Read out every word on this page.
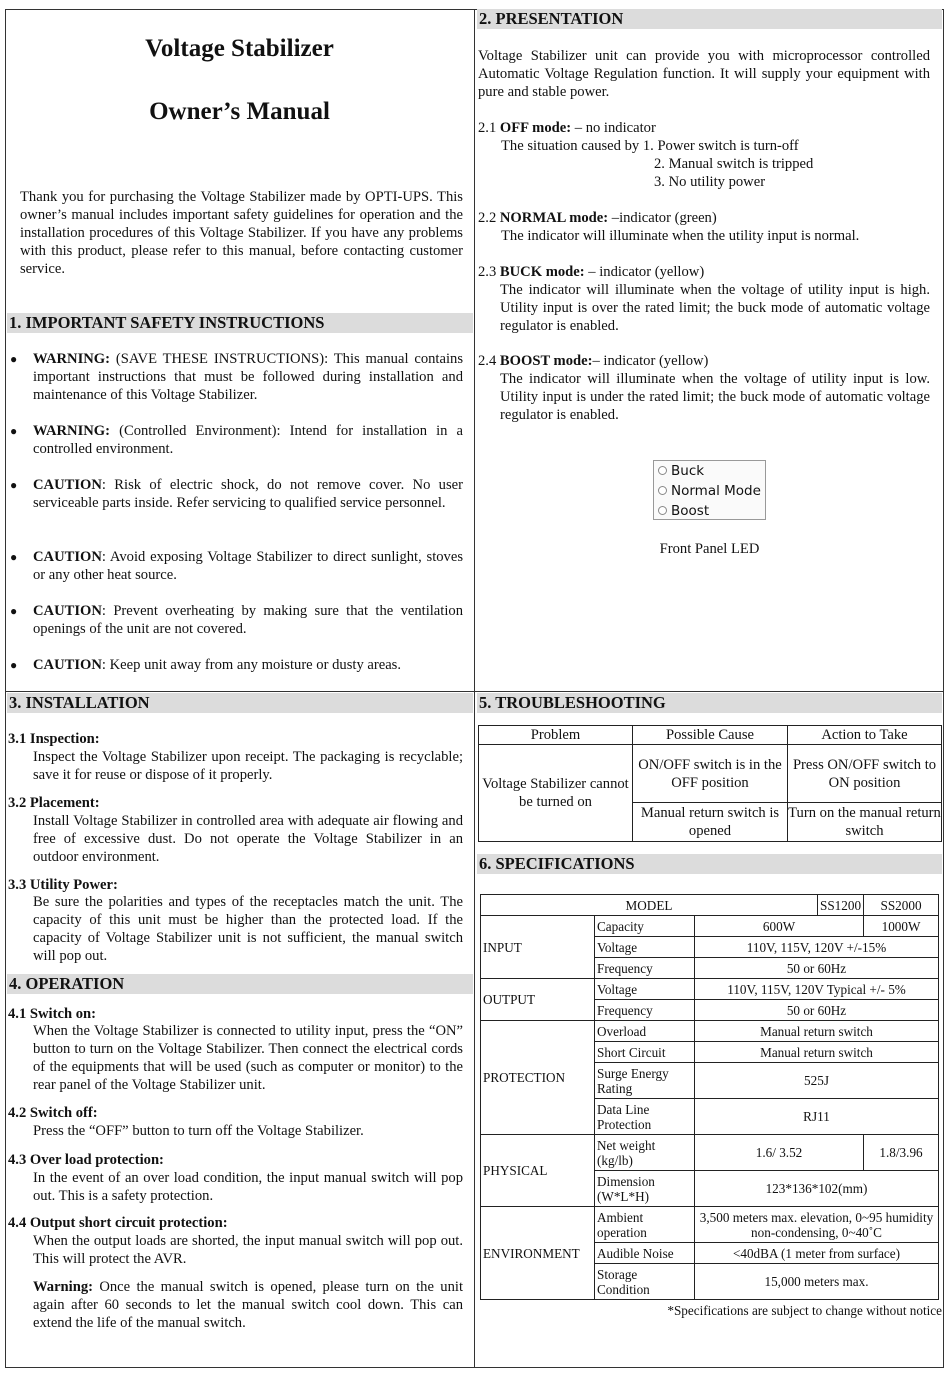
Voltage Stabilizer
Owner’s Manual
Thank you for purchasing the Voltage Stabilizer made by OPTI-UPS. This owner’s manual includes important safety guidelines for operation and the installation procedures of this Voltage Stabilizer. If you have any problems with this product, please refer to this manual, before contacting customer service.
1. IMPORTANT SAFETY INSTRUCTIONS
● WARNING: (SAVE THESE INSTRUCTIONS): This manual contains important instructions that must be followed during installation and maintenance of this Voltage Stabilizer.
● WARNING: (Controlled Environment): Intend for installation in a controlled environment.
● CAUTION: Risk of electric shock, do not remove cover. No user serviceable parts inside. Refer servicing to qualified service personnel.
● CAUTION: Avoid exposing Voltage Stabilizer to direct sunlight, stoves or any other heat source.
● CAUTION: Prevent overheating by making sure that the ventilation openings of the unit are not covered.
● CAUTION: Keep unit away from any moisture or dusty areas.
2. PRESENTATION
Voltage Stabilizer unit can provide you with microprocessor controlled Automatic Voltage Regulation function. It will supply your equipment with pure and stable power.
2.1 OFF mode: – no indicator
The situation caused by 1. Power switch is turn-off
2. Manual switch is tripped
3. No utility power
2.2 NORMAL mode: –indicator (green)
The indicator will illuminate when the utility input is normal.
2.3 BUCK mode: – indicator (yellow)
The indicator will illuminate when the voltage of utility input is high. Utility input is over the rated limit; the buck mode of automatic voltage regulator is enabled.
2.4 BOOST mode:– indicator (yellow)
The indicator will illuminate when the voltage of utility input is low. Utility input is under the rated limit; the buck mode of automatic voltage regulator is enabled.
Buck
Normal Mode
Boost
Front Panel LED
3. INSTALLATION
3.1 Inspection:
Inspect the Voltage Stabilizer upon receipt. The packaging is recyclable; save it for reuse or dispose of it properly.
3.2 Placement:
Install Voltage Stabilizer in controlled area with adequate air flowing and free of excessive dust. Do not operate the Voltage Stabilizer in an outdoor environment.
3.3 Utility Power:
Be sure the polarities and types of the receptacles match the unit. The capacity of this unit must be higher than the protected load. If the capacity of Voltage Stabilizer unit is not sufficient, the manual switch will pop out.
4. OPERATION
4.1 Switch on:
When the Voltage Stabilizer is connected to utility input, press the “ON” button to turn on the Voltage Stabilizer. Then connect the electrical cords of the equipments that will be used (such as computer or monitor) to the rear panel of the Voltage Stabilizer unit.
4.2 Switch off:
Press the “OFF” button to turn off the Voltage Stabilizer.
4.3 Over load protection:
In the event of an over load condition, the input manual switch will pop out. This is a safety protection.
4.4 Output short circuit protection:
When the output loads are shorted, the input manual switch will pop out. This will protect the AVR.
Warning: Once the manual switch is opened, please turn on the unit again after 60 seconds to let the manual switch cool down. This can extend the life of the manual switch.
5. TROUBLESHOOTING
Problem	Possible Cause	Action to Take
Voltage Stabilizer cannot be turned on	ON/OFF switch is in the OFF position	Press ON/OFF switch to ON position
	Manual return switch is opened	Turn on the manual return switch
6. SPECIFICATIONS
MODEL			SS1200	SS2000
INPUT	Capacity	600W		1000W
	Voltage	110V, 115V, 120V +/-15%		
	Frequency	50 or 60Hz		
OUTPUT	Voltage	110V, 115V, 120V Typical +/- 5%		
	Frequency	50 or 60Hz		
PROTECTION	Overload	Manual return switch		
	Short Circuit	Manual return switch		
	Surge Energy Rating	525J		
	Data Line Protection	RJ11		
PHYSICAL	Net weight (kg/lb)	1.6/ 3.52		1.8/3.96
	Dimension (W*L*H)	123*136*102(mm)		
ENVIRONMENT	Ambient operation	3,500 meters max. elevation, 0~95 humidity non-condensing, 0~40˚C		
	Audible Noise	<40dBA (1 meter from surface)		
	Storage Condition	15,000 meters max.		
*Specifications are subject to change without notice
